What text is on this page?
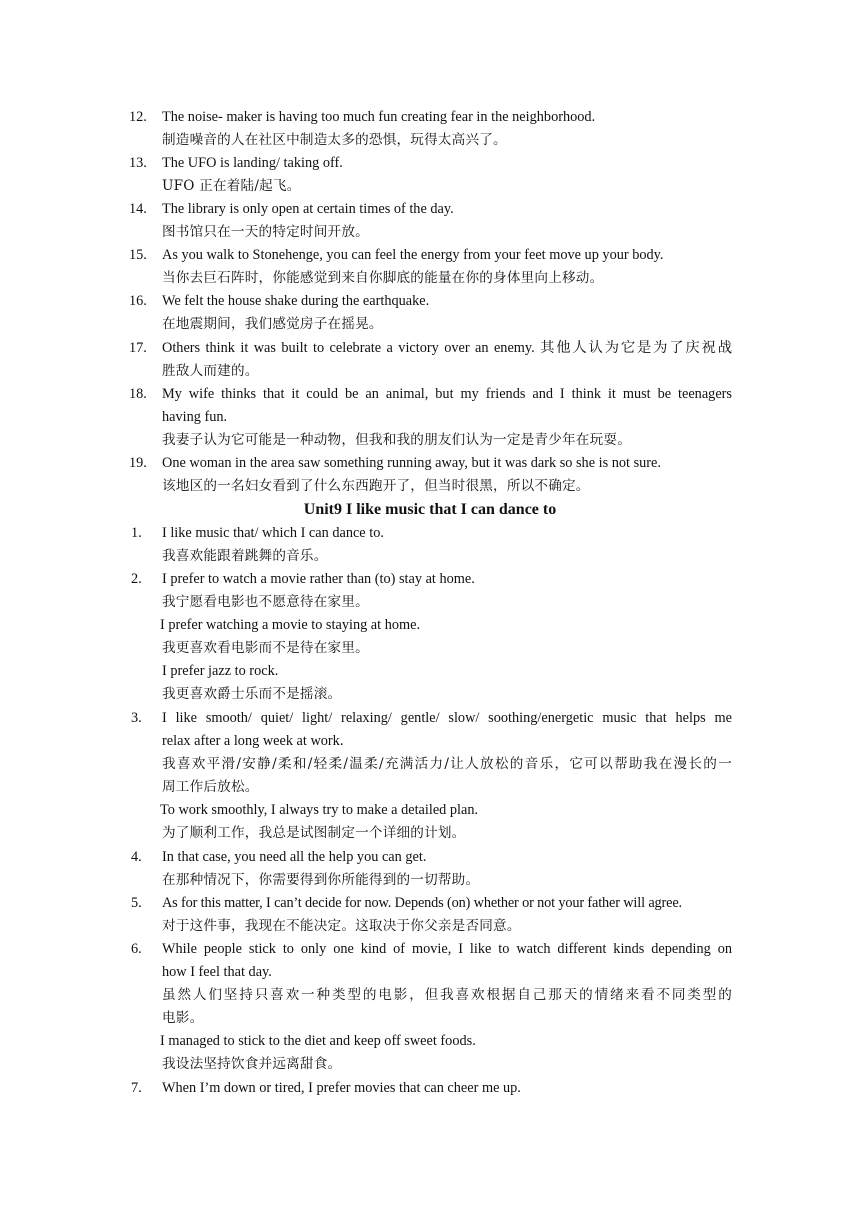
12. The noise- maker is having too much fun creating fear in the neighborhood.
制造噪音的人在社区中制造太多的恐惧，玩得太高兴了。
13. The UFO is landing/ taking off.
UFO 正在着陆/起飞。
14. The library is only open at certain times of the day.
图书馆只在一天的特定时间开放。
15. As you walk to Stonehenge, you can feel the energy from your feet move up your body.
当你去巨石阵时，你能感觉到来自你脚底的能量在你的身体里向上移动。
16. We felt the house shake during the earthquake.
在地震期间，我们感觉房子在摇晃。
17. Others think it was built to celebrate a victory over an enemy. 其他人认为它是为了庆祝战
胜敌人而建的。
18. My wife thinks that it could be an animal, but my friends and I think it must be teenagers
having fun.
我妻子认为它可能是一种动物，但我和我的朋友们认为一定是青少年在玩耍。
19. One woman in the area saw something running away, but it was dark so she is not sure.
该地区的一名妇女看到了什么东西跑开了，但当时很黑，所以不确定。
Unit9 I like music that I can dance to
1. I like music that/ which I can dance to.
我喜欢能跟着跳舞的音乐。
2. I prefer to watch a movie rather than (to) stay at home.
我宁愿看电影也不愿意待在家里。
I prefer watching a movie to staying at home.
我更喜欢看电影而不是待在家里。
I prefer jazz to rock.
我更喜欢爵士乐而不是摇滚。
3. I like smooth/ quiet/ light/ relaxing/ gentle/ slow/ soothing/energetic music that helps me
relax after a long week at work.
我喜欢平滑/安静/柔和/轻柔/温柔/充满活力/让人放松的音乐，它可以帮助我在漫长的一
周工作后放松。
To work smoothly, I always try to make a detailed plan.
为了顺利工作，我总是试图制定一个详细的计划。
4. In that case, you need all the help you can get.
在那种情况下，你需要得到你所能得到的一切帮助。
5. As for this matter, I can’t decide for now. Depends (on) whether or not your father will agree.
对于这件事，我现在不能决定。这取决于你父亲是否同意。
6. While people stick to only one kind of movie, I like to watch different kinds depending on
how I feel that day.
虽然人们坚持只喜欢一种类型的电影，但我喜欢根据自己那天的情绪来看不同类型的
电影。
I managed to stick to the diet and keep off sweet foods.
我设法坚持饮食并远离甜食。
7. When I’m down or tired, I prefer movies that can cheer me up.
